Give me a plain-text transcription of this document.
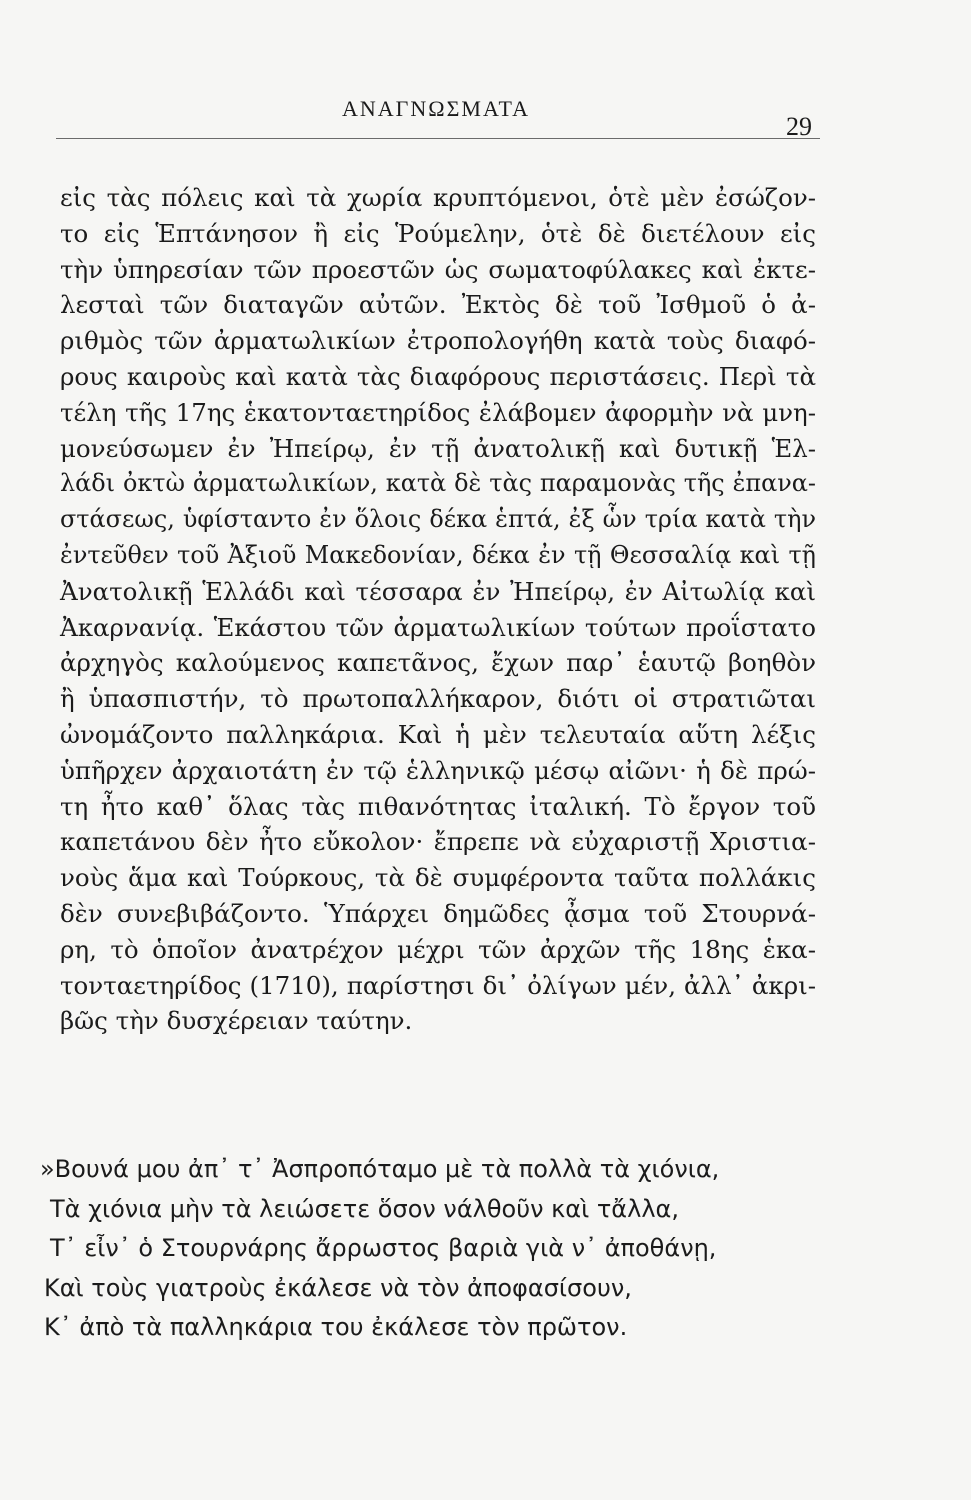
ΑΝΑΓΝΩΣΜΑΤΑ
29
εἰς τὰς πόλεις καὶ τὰ χωρία κρυπτόμενοι, ὁτὲ μὲν ἐσώζον-
το εἰς Ἑπτάνησον ἢ εἰς Ῥούμελην, ὁτὲ δὲ διετέλουν εἰς
τὴν ὑπηρεσίαν τῶν προεστῶν ὡς σωματοφύλακες καὶ ἐκτε-
λεσταὶ τῶν διαταγῶν αὐτῶν. Ἐκτὸς δὲ τοῦ Ἰσθμοῦ ὁ ἀ-
ριθμὸς τῶν ἀρματωλικίων ἐτροπολογήθη κατὰ τοὺς διαφό-
ρους καιροὺς καὶ κατὰ τὰς διαφόρους περιστάσεις. Περὶ τὰ
τέλη τῆς 17ης ἑκατονταετηρίδος ἐλάβομεν ἀφορμὴν νὰ μνη-
μονεύσωμεν ἐν Ἠπείρῳ, ἐν τῇ ἀνατολικῇ καὶ δυτικῇ Ἑλ-
λάδι ὀκτὼ ἀρματωλικίων, κατὰ δὲ τὰς παραμονὰς τῆς ἐπανα-
στάσεως, ὑφίσταντο ἐν ὅλοις δέκα ἑπτά, ἐξ ὧν τρία κατὰ τὴν
ἐντεῦθεν τοῦ Ἀξιοῦ Μακεδονίαν, δέκα ἐν τῇ Θεσσαλίᾳ καὶ τῇ
Ἀνατολικῇ Ἑλλάδι καὶ τέσσαρα ἐν Ἠπείρῳ, ἐν Αἰτωλίᾳ καὶ
Ἀκαρνανίᾳ. Ἑκάστου τῶν ἀρματωλικίων τούτων προΐστατο
ἀρχηγὸς καλούμενος καπετᾶνος, ἔχων παρ᾽ ἑαυτῷ βοηθὸν
ἢ ὑπασπιστήν, τὸ πρωτοπαλλήκαρον, διότι οἱ στρατιῶται
ὠνομάζοντο παλληκάρια. Καὶ ἡ μὲν τελευταία αὕτη λέξις
ὑπῆρχεν ἀρχαιοτάτη ἐν τῷ ἑλληνικῷ μέσῳ αἰῶνι· ἡ δὲ πρώ-
τη ἦτο καθ᾽ ὅλας τὰς πιθανότητας ἰταλική. Τὸ ἔργον τοῦ
καπετάνου δὲν ἦτο εὔκολον· ἔπρεπε νὰ εὐχαριστῇ Χριστια-
νοὺς ἅμα καὶ Τούρκους, τὰ δὲ συμφέροντα ταῦτα πολλάκις
δὲν συνεβιβάζοντο. Ὑπάρχει δημῶδες ᾆσμα τοῦ Στουρνά-
ρη, τὸ ὁποῖον ἀνατρέχον μέχρι τῶν ἀρχῶν τῆς 18ης ἑκα-
τονταετηρίδος (1710), παρίστησι δι᾽ ὀλίγων μέν, ἀλλ᾽ ἀκρι-
βῶς τὴν δυσχέρειαν ταύτην.
»Βουνά μου ἀπ᾽ τ᾽ Ἀσπροπόταμο μὲ τὰ πολλὰ τὰ χιόνια,
Τὰ χιόνια μὴν τὰ λειώσετε ὅσον νάλθοῦν καὶ τἄλλα,
Τ᾽ εἶν᾽ ὁ Στουρνάρης ἄρρωστος βαριὰ γιὰ ν᾽ ἀποθάνῃ,
Καὶ τοὺς γιατροὺς ἐκάλεσε νὰ τὸν ἀποφασίσουν,
Κ᾽ ἀπὸ τὰ παλληκάρια του ἐκάλεσε τὸν πρῶτον.
